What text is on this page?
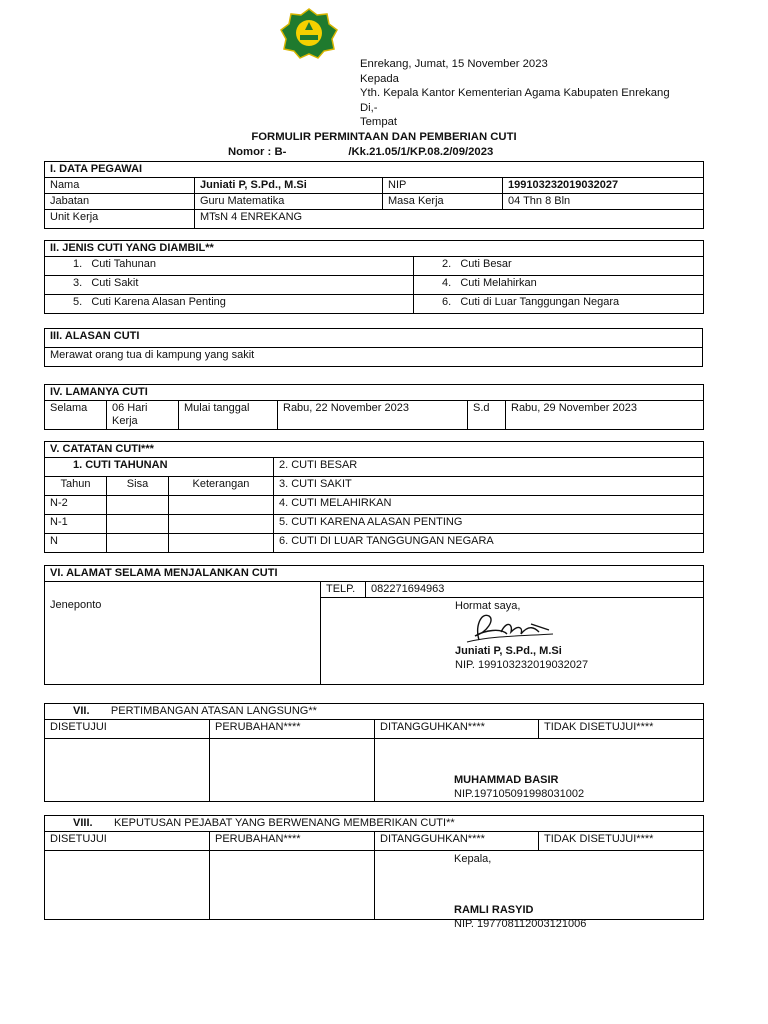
Enrekang, Jumat, 15 November 2023
Kepada
Yth. Kepala Kantor Kementerian Agama Kabupaten Enrekang
Di,-
Tempat
FORMULIR PERMINTAAN DAN PEMBERIAN CUTI
Nomor : B-	/Kk.21.05/1/KP.08.2/09/2023
I. DATA PEGAWAI			
Nama	Juniati P, S.Pd., M.Si	NIP	199103232019032027
Jabatan	Guru Matematika	Masa Kerja	04 Thn 8 Bln
Unit Kerja	MTsN 4 ENREKANG		
II. JENIS CUTI YANG DIAMBIL**	
1. Cuti Tahunan	2. Cuti Besar
3. Cuti Sakit	4. Cuti Melahirkan
5. Cuti Karena Alasan Penting	6. Cuti di Luar Tanggungan Negara
III. ALASAN CUTI
Merawat orang tua di kampung yang sakit
IV. LAMANYA CUTI
Selama	06 Hari Kerja	Mulai tanggal	Rabu, 22 November 2023	S.d	Rabu, 29 November 2023
V. CATATAN CUTI***			
1. CUTI TAHUNAN			2. CUTI BESAR
Tahun	Sisa	Keterangan	3. CUTI SAKIT
N-2			4. CUTI MELAHIRKAN
N-1			5. CUTI KARENA ALASAN PENTING
N			6. CUTI DI LUAR TANGGUNGAN NEGARA
VI. ALAMAT SELAMA MENJALANKAN CUTI		
	TELP.	082271694963
Jeneponto	Hormat saya,
Juniati P, S.Pd., M.Si
NIP. 199103232019032027	
VII. PERTIMBANGAN ATASAN LANGSUNG**			
DISETUJUI	PERUBAHAN****	DITANGGUHKAN****	TIDAK DISETUJUI****

		MUHAMMAD BASIR
NIP.197105091998031002	
VIII. KEPUTUSAN PEJABAT YANG BERWENANG MEMBERIKAN CUTI**			
DISETUJUI	PERUBAHAN****	DITANGGUHKAN****	TIDAK DISETUJUI****

		Kepala,
RAMLI RASYID
NIP. 197708112003121006	
